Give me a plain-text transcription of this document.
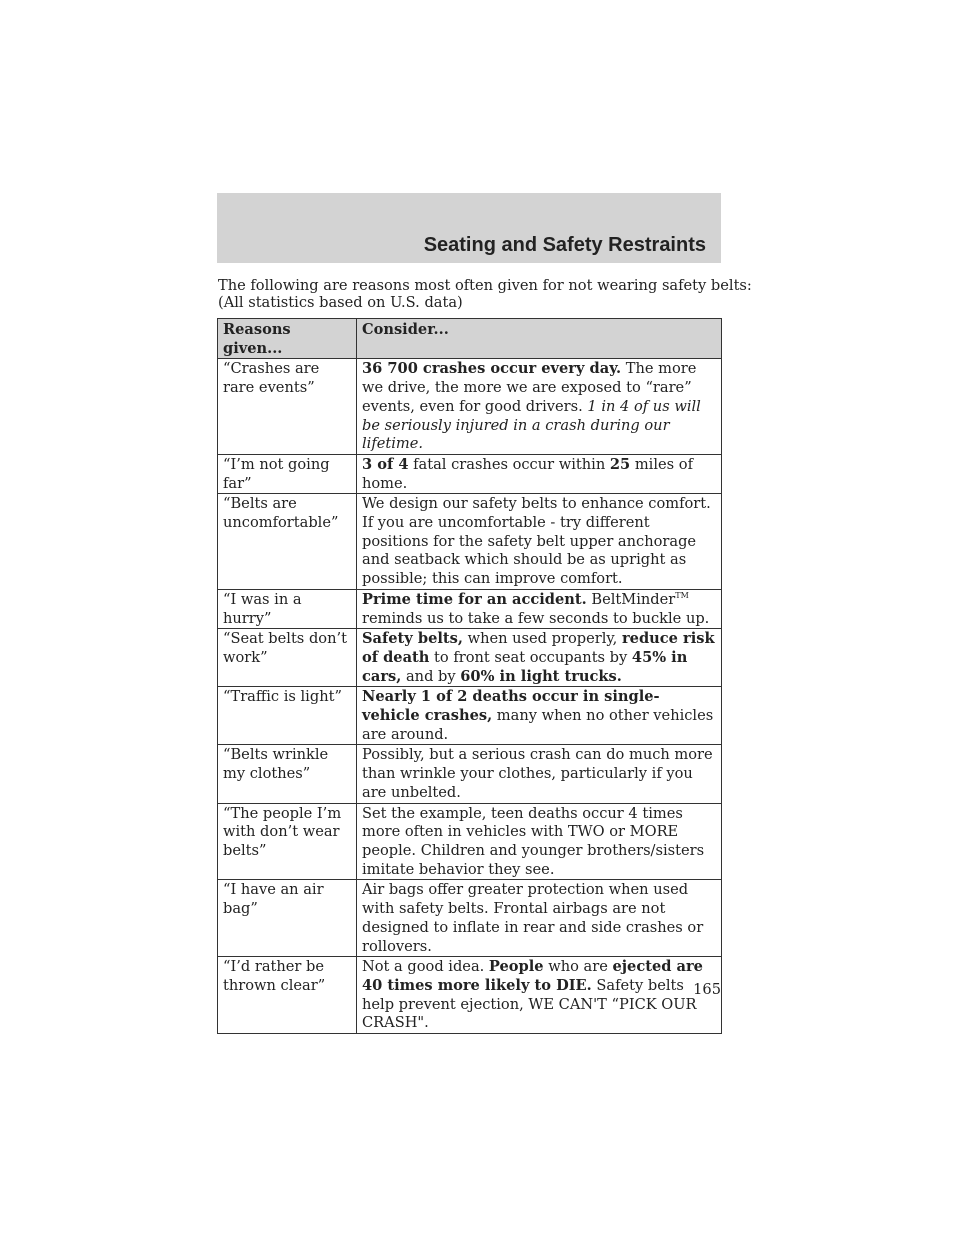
Seating and Safety Restraints

The following are reasons most often given for not wearing safety belts:
(All statistics based on U.S. data)

Reasons given...	Consider...
“Crashes are rare events”	36 700 crashes occur every day. The more we drive, the more we are exposed to “rare” events, even for good drivers. 1 in 4 of us will be seriously injured in a crash during our lifetime.
“I’m not going far”	3 of 4 fatal crashes occur within 25 miles of home.
“Belts are uncomfortable”	We design our safety belts to enhance comfort. If you are uncomfortable - try different positions for the safety belt upper anchorage and seatback which should be as upright as possible; this can improve comfort.
“I was in a hurry”	Prime time for an accident. BeltMinder™ reminds us to take a few seconds to buckle up.
“Seat belts don’t work”	Safety belts, when used properly, reduce risk of death to front seat occupants by 45% in cars, and by 60% in light trucks.
“Traffic is light”	Nearly 1 of 2 deaths occur in single-vehicle crashes, many when no other vehicles are around.
“Belts wrinkle my clothes”	Possibly, but a serious crash can do much more than wrinkle your clothes, particularly if you are unbelted.
“The people I’m with don’t wear belts”	Set the example, teen deaths occur 4 times more often in vehicles with TWO or MORE people. Children and younger brothers/sisters imitate behavior they see.
“I have an air bag”	Air bags offer greater protection when used with safety belts. Frontal airbags are not designed to inflate in rear and side crashes or rollovers.
“I’d rather be thrown clear”	Not a good idea. People who are ejected are 40 times more likely to DIE. Safety belts help prevent ejection, WE CAN'T “PICK OUR CRASH".

165
